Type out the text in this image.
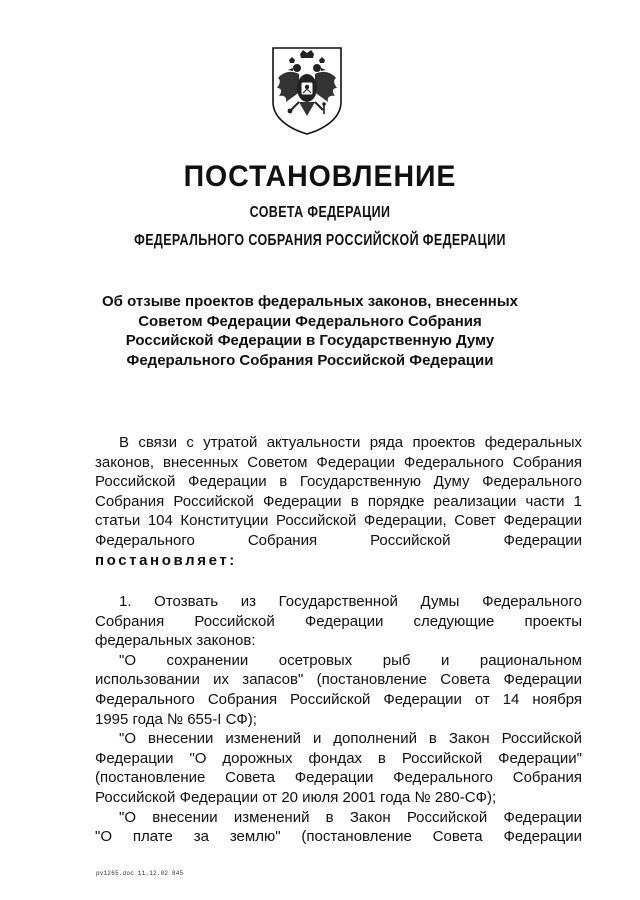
ПОСТАНОВЛЕНИЕ
СОВЕТА ФЕДЕРАЦИИ
ФЕДЕРАЛЬНОГО СОБРАНИЯ РОССИЙСКОЙ ФЕДЕРАЦИИ
Об отзыве проектов федеральных законов, внесенных
Советом Федерации Федерального Собрания
Российской Федерации в Государственную Думу
Федерального Собрания Российской Федерации
В связи с утратой актуальности ряда проектов федеральных
законов, внесенных Советом Федерации Федерального Собрания
Российской Федерации в Государственную Думу Федерального
Собрания Российской Федерации в порядке реализации части 1
статьи 104 Конституции Российской Федерации, Совет Федерации
Федерального Собрания Российской Федерации
постановляет:
1. Отозвать из Государственной Думы Федерального
Собрания Российской Федерации следующие проекты
федеральных законов:
"О сохранении осетровых рыб и рациональном
использовании их запасов" (постановление Совета Федерации
Федерального Собрания Российской Федерации от 14 ноября
1995 года № 655-I СФ);
"О внесении изменений и дополнений в Закон Российской
Федерации "О дорожных фондах в Российской Федерации"
(постановление Совета Федерации Федерального Собрания
Российской Федерации от 20 июля 2001 года № 280-СФ);
"О внесении изменений в Закон Российской Федерации
"О плате за землю" (постановление Совета Федерации
pv1265.doc 11.12.02 845
